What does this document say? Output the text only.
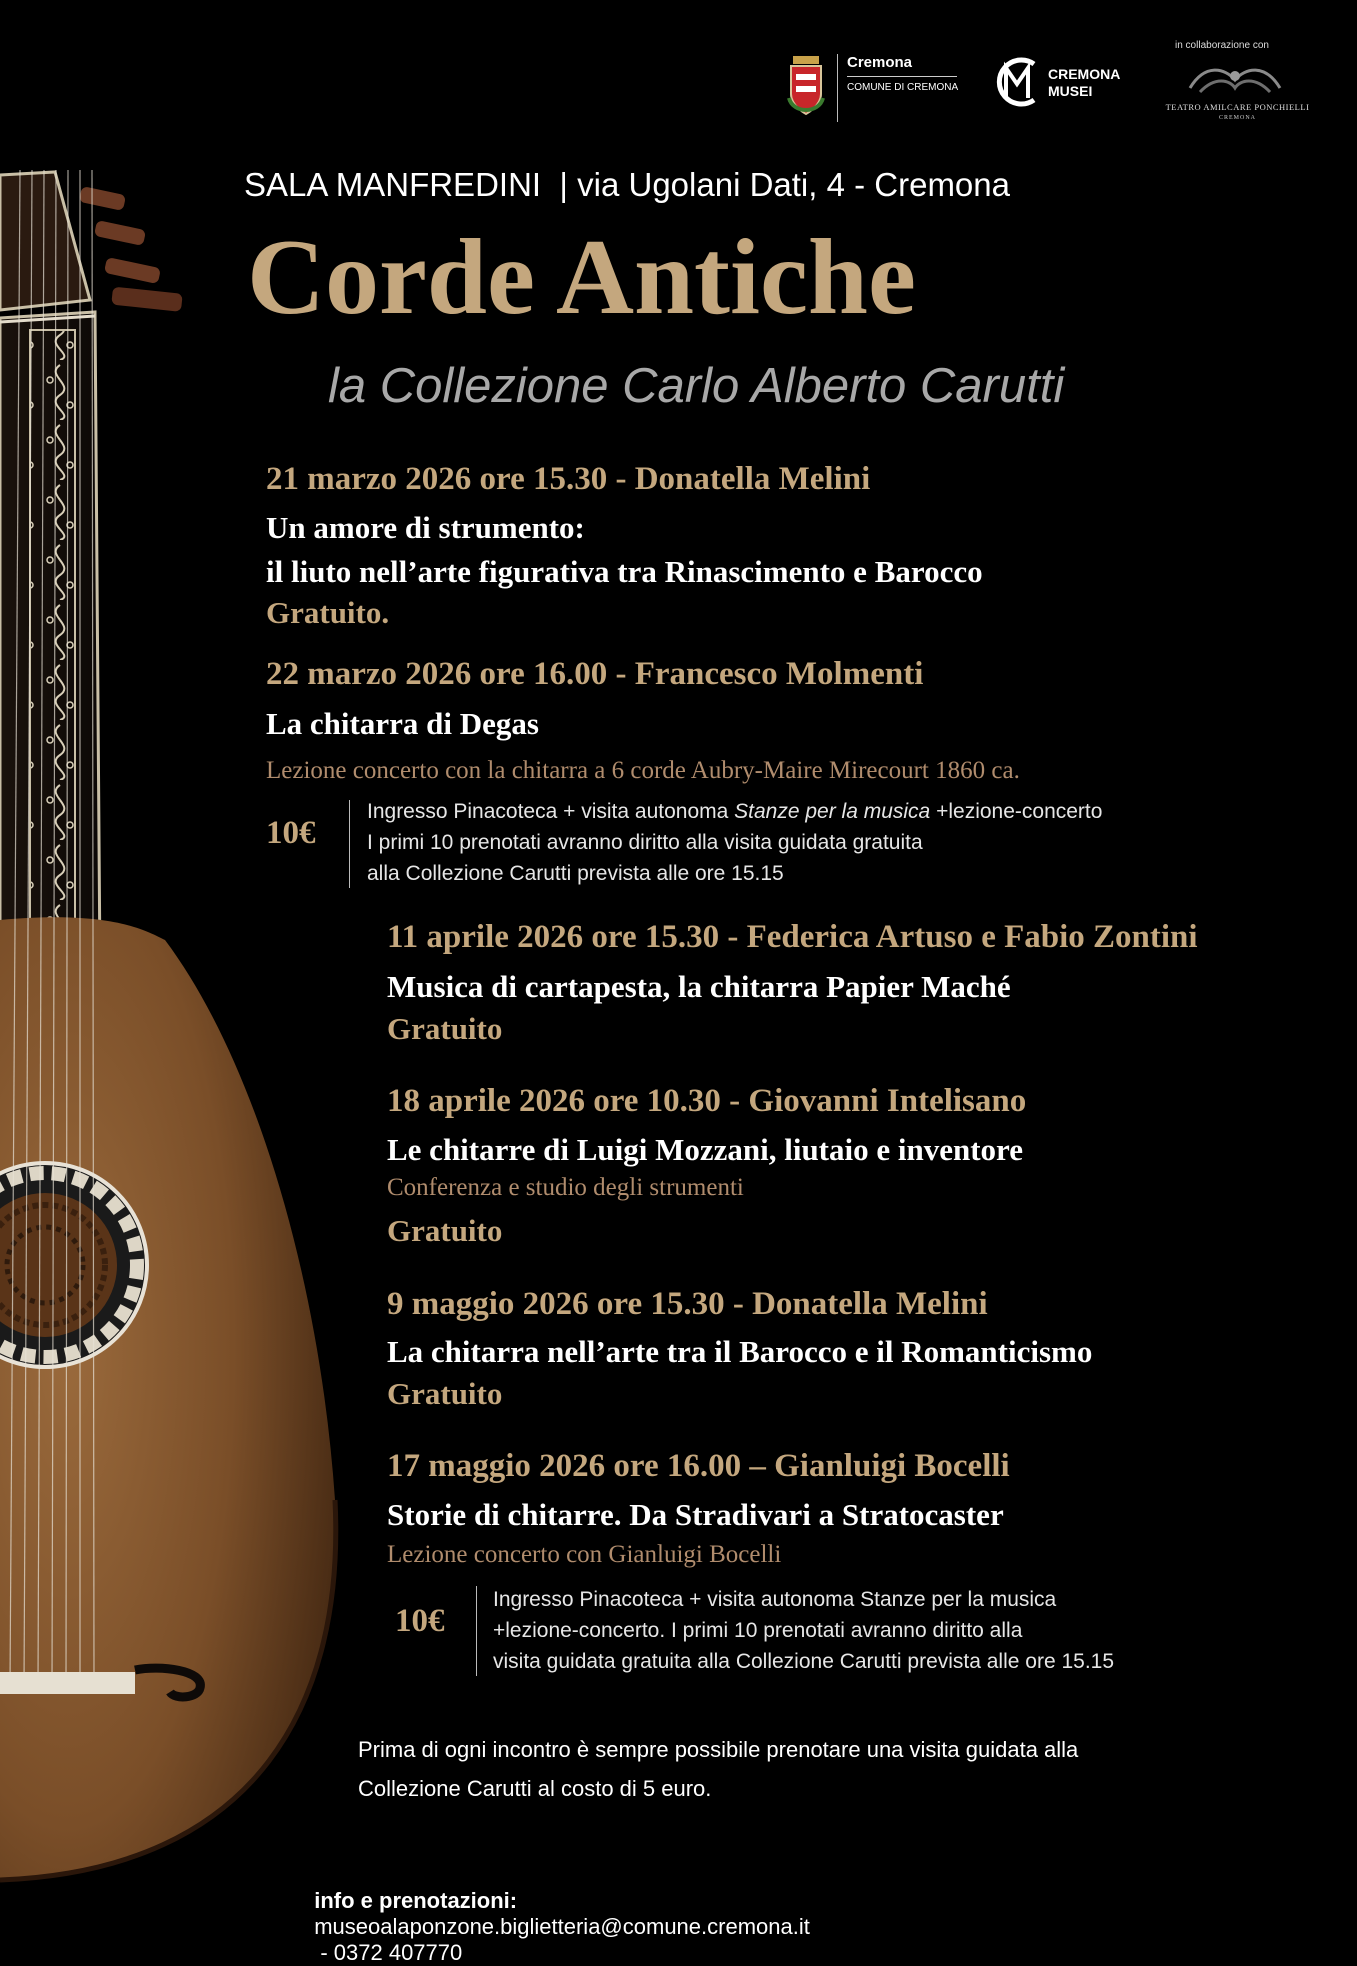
Cremona
COMUNE DI CREMONA
CREMONA
MUSEI
in collaborazione con
TEATRO AMILCARE PONCHIELLI
CREMONA
SALA MANFREDINI  | via Ugolani Dati, 4 - Cremona
Corde Antiche
la Collezione Carlo Alberto Carutti
21 marzo 2026 ore 15.30 - Donatella Melini
Un amore di strumento:
il liuto nell’arte figurativa tra Rinascimento e Barocco
Gratuito.
22 marzo 2026 ore 16.00 - Francesco Molmenti
La chitarra di Degas
Lezione concerto con la chitarra a 6 corde Aubry-Maire Mirecourt 1860 ca.
10€
Ingresso Pinacoteca + visita autonoma Stanze per la musica +lezione-concerto
I primi 10 prenotati avranno diritto alla visita guidata gratuita
alla Collezione Carutti prevista alle ore 15.15
11 aprile 2026 ore 15.30 - Federica Artuso e Fabio Zontini
Musica di cartapesta, la chitarra Papier Maché
Gratuito
18 aprile 2026 ore 10.30 - Giovanni Intelisano
Le chitarre di Luigi Mozzani, liutaio e inventore
Conferenza e studio degli strumenti
Gratuito
9 maggio 2026 ore 15.30 - Donatella Melini
La chitarra nell’arte tra il Barocco e il Romanticismo
Gratuito
17 maggio 2026 ore 16.00 – Gianluigi Bocelli
Storie di chitarre. Da Stradivari a Stratocaster
Lezione concerto con Gianluigi Bocelli
10€
Ingresso Pinacoteca + visita autonoma Stanze per la musica
+lezione-concerto. I primi 10 prenotati avranno diritto alla
visita guidata gratuita alla Collezione Carutti prevista alle ore 15.15
Prima di ogni incontro è sempre possibile prenotare una visita guidata alla
Collezione Carutti al costo di 5 euro.

info e prenotazioni:
museoalaponzone.biglietteria@comune.cremona.it
- 0372 407770
